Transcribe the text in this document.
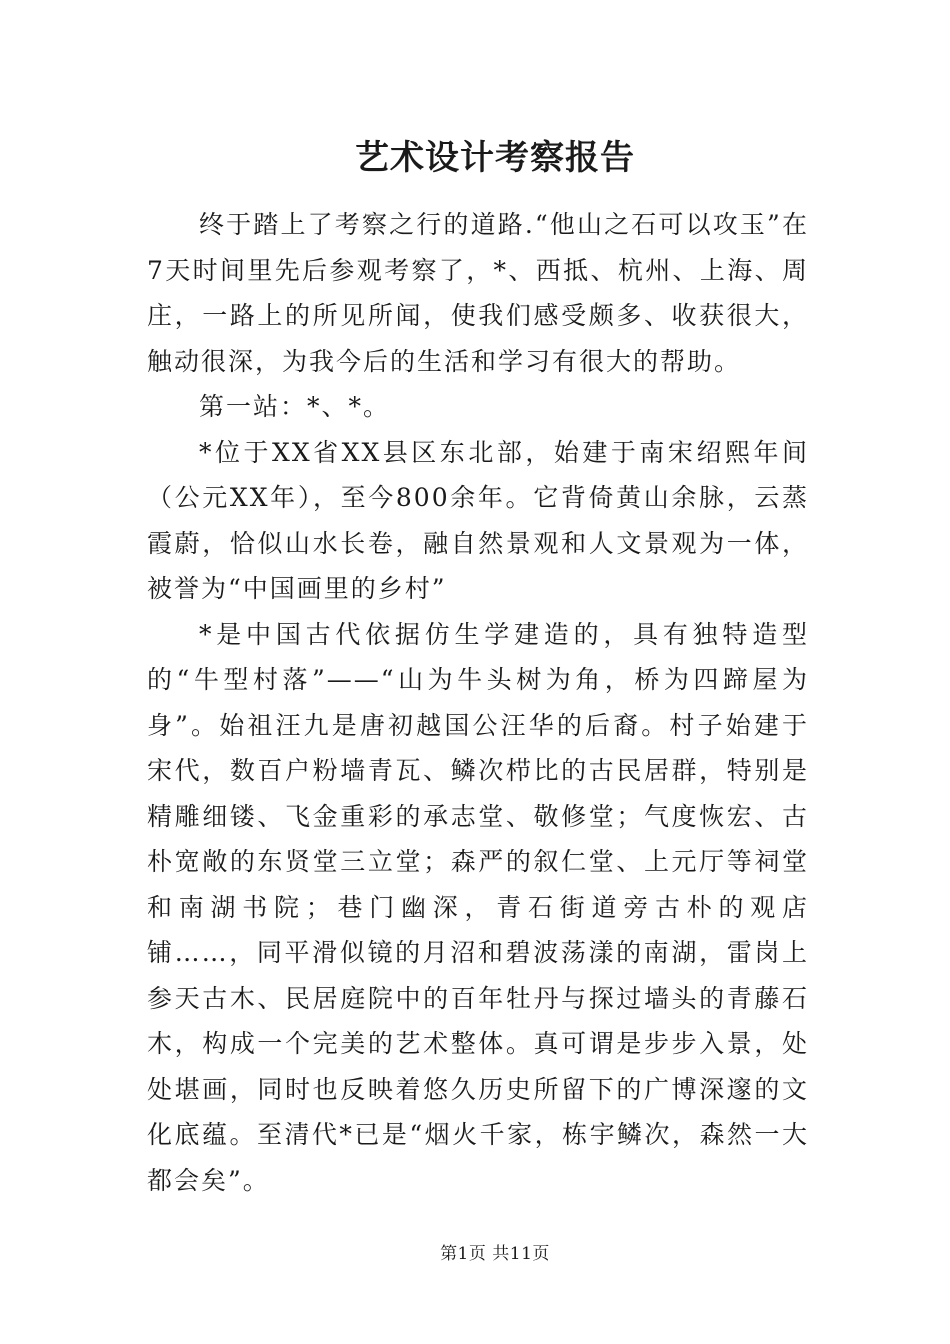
艺术设计考察报告

终于踏上了考察之行的道路.“他山之石可以攻玉”在7天时间里先后参观考察了，*、西抵、杭州、上海、周庄，一路上的所见所闻，使我们感受颇多、收获很大，触动很深，为我今后的生活和学习有很大的帮助。

第一站：*、*。

*位于XX省XX县区东北部，始建于南宋绍熙年间（公元XX年），至今800余年。它背倚黄山余脉，云蒸霞蔚，恰似山水长卷，融自然景观和人文景观为一体，被誉为“中国画里的乡村”

*是中国古代依据仿生学建造的，具有独特造型的“牛型村落”——“山为牛头树为角，桥为四蹄屋为身”。始祖汪九是唐初越国公汪华的后裔。村子始建于宋代，数百户粉墙青瓦、鳞次栉比的古民居群，特别是精雕细镂、飞金重彩的承志堂、敬修堂；气度恢宏、古朴宽敞的东贤堂三立堂；森严的叙仁堂、上元厅等祠堂和南湖书院；巷门幽深，青石街道旁古朴的观店铺……，同平滑似镜的月沼和碧波荡漾的南湖，雷岗上参天古木、民居庭院中的百年牡丹与探过墙头的青藤石木，构成一个完美的艺术整体。真可谓是步步入景，处处堪画，同时也反映着悠久历史所留下的广博深邃的文化底蕴。至清代*已是“烟火千家，栋宇鳞次，森然一大都会矣”。

第1页 共11页
